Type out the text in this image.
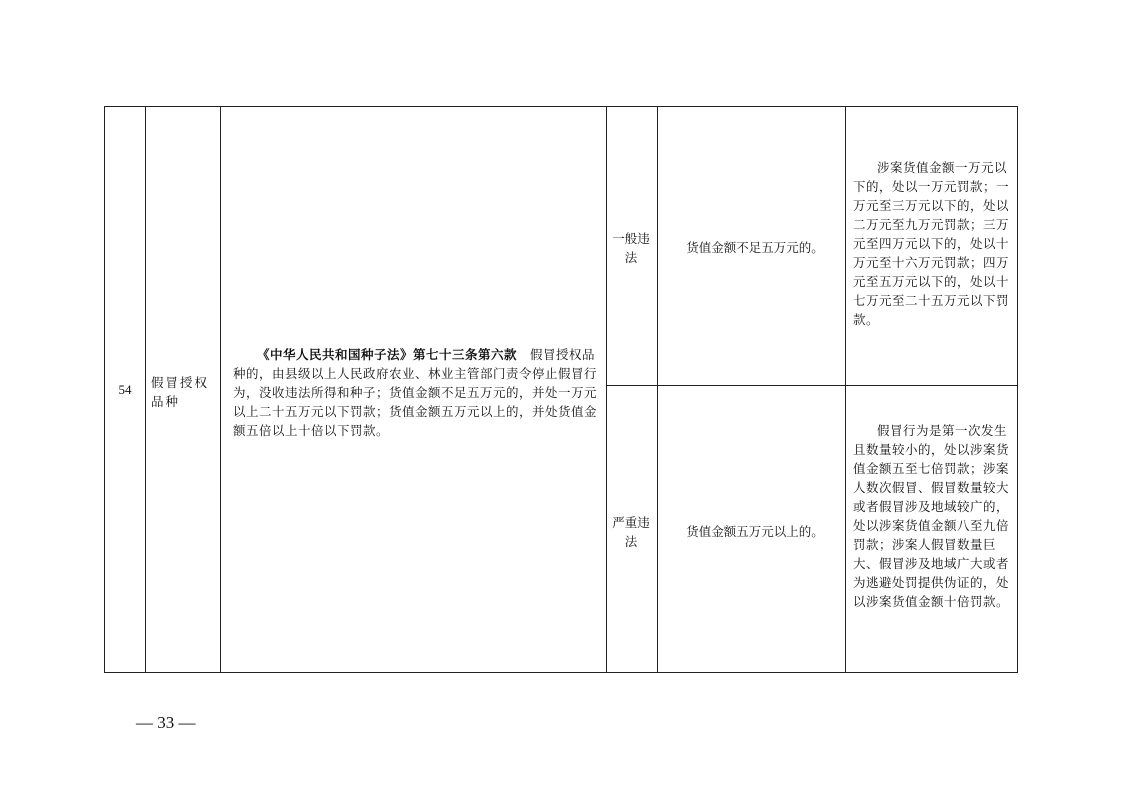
54	假冒授权品种
《中华人民共和国种子法》第七十三条第六款　 假冒授权品种的，由县级以上人民政府农业、林业主管部门责令停止假冒行为，没收违法所得和种子；货值金额不足五万元的，并处一万元以上二十五万元以下罚款；货值金额五万元以上的，并处货值金额五倍以上十倍以下罚款。
一般违法
货值金额不足五万元的。
涉案货值金额一万元以下的，处以一万元罚款；一万元至三万元以下的，处以二万元至九万元罚款；三万元至四万元以下的，处以十万元至十六万元罚款；四万元至五万元以下的，处以十七万元至二十五万元以下罚款。
严重违法
货值金额五万元以上的。
假冒行为是第一次发生且数量较小的，处以涉案货值金额五至七倍罚款；涉案人数次假冒、假冒数量较大或者假冒涉及地域较广的，处以涉案货值金额八至九倍罚款；涉案人假冒数量巨大、假冒涉及地域广大或者为逃避处罚提供伪证的，处以涉案货值金额十倍罚款。
— 33 —
